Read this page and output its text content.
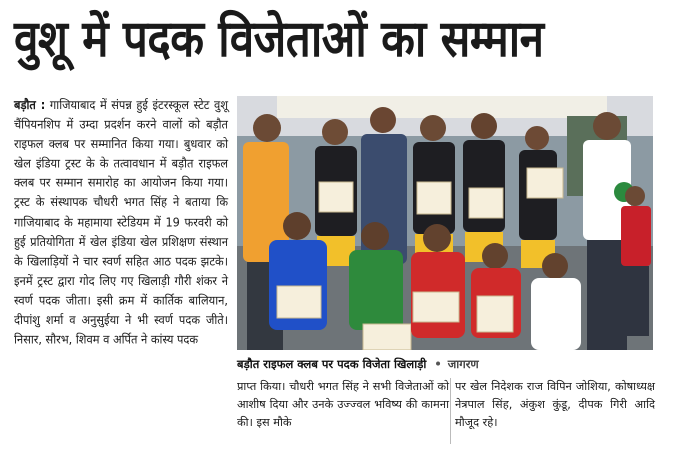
वुशू में पदक विजेताओं का सम्मान
बड़ौत : गाजियाबाद में संपन्न हुई इंटरस्कूल स्टेट वुशू चैंपियनशिप में उम्दा प्रदर्शन करने वालों को बड़ौत राइफल क्लब पर सम्मानित किया गया। बुधवार को खेल इंडिया ट्रस्ट के के तत्वावधान में बड़ौत राइफल क्लब पर सम्मान समारोह का आयोजन किया गया। ट्रस्ट के संस्थापक चौधरी भगत सिंह ने बताया कि गाजियाबाद के महामाया स्टेडियम में 19 फरवरी को हुई प्रतियोगिता में खेल इंडिया खेल प्रशिक्षण संस्थान के खिलाड़ियों ने चार स्वर्ण सहित आठ पदक झटके। इनमें ट्रस्ट द्वारा गोद लिए गए खिलाड़ी गौरी शंकर ने स्वर्ण पदक जीता। इसी क्रम में कार्तिक बालियान, दीपांशु शर्मा व अनुसुईया ने भी स्वर्ण पदक जीते। निसार, सौरभ, शिवम व अर्पित ने कांस्य पदक
बड़ौत राइफल क्लब पर पदक विजेता खिलाड़ी • जागरण
प्राप्त किया। चौधरी भगत सिंह ने सभी विजेताओं को आशीष दिया और उनके उज्ज्वल भविष्य की कामना की। इस मौके
पर खेल निदेशक राज विपिन जोशिया, कोषाध्यक्ष नेत्रपाल सिंह, अंकुश कुंडू, दीपक गिरी आदि मौजूद रहे।
